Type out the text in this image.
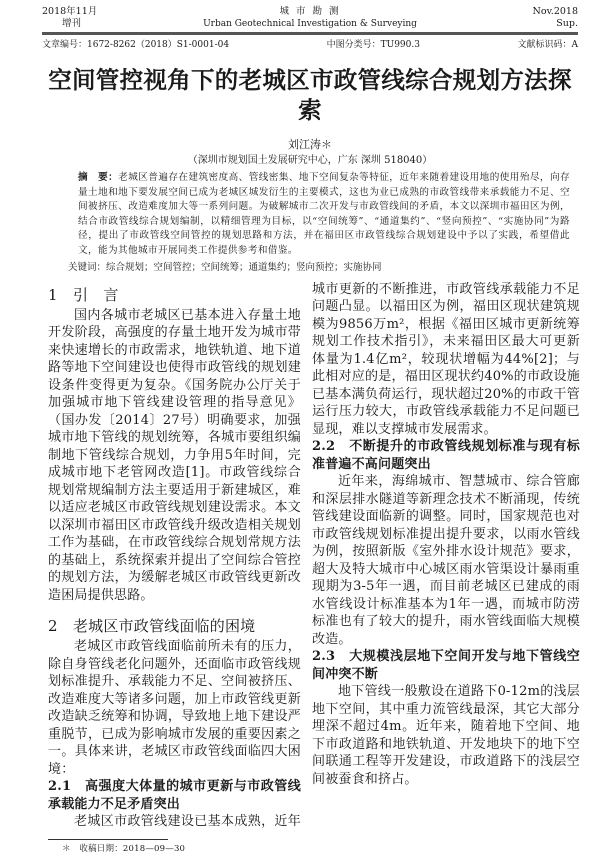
2018年11月
增刊
城 市 勘 测
Urban Geotechnical Investigation & Surveying
Nov.2018
Sup.
文章编号：1672-8262（2018）S1-0001-04	中图分类号：TU990.3	文献标识码：A
空间管控视角下的老城区市政管线综合规划方法探索
刘江涛＊
（深圳市规划国土发展研究中心，广东 深圳 518040）
摘　要：老城区普遍存在建筑密度高、管线密集、地下空间复杂等特征，近年来随着建设用地的使用殆尽，向存量土地和地下要发展空间已成为老城区城发衍生的主要模式，这也为业已成熟的市政管线带来承载能力不足、空间被挤压、改造难度加大等一系列问题。为破解城市二次开发与市政管线间的矛盾，本文以深圳市福田区为例，结合市政管线综合规划编制，以精细管理为目标，以“空间统筹”、“通道集约”、“竖向预控”、“实施协同”为路径，提出了市政管线空间管控的规划思路和方法，并在福田区市政管线综合规划建设中予以了实践，希望借此文，能为其他城市开展同类工作提供参考和借鉴。
关键词：综合规划；空间管控；空间统筹；通道集约；竖向预控；实施协同
1　引　言

国内各城市老城区已基本进入存量土地开发阶段，高强度的存量土地开发为城市带来快速增长的市政需求，地铁轨道、地下道路等地下空间建设也使得市政管线的规划建设条件变得更为复杂。《国务院办公厅关于加强城市地下管线建设管理的指导意见》（国办发〔2014〕27号）明确要求，加强城市地下管线的规划统筹，各城市要组织编制地下管线综合规划，力争用5年时间，完成城市地下老管网改造[1]。市政管线综合规划常规编制方法主要适用于新建城区，难以适应老城区市政管线规划建设需求。本文以深圳市福田区市政管线升级改造相关规划工作为基础，在市政管线综合规划常规方法的基础上，系统探索并提出了空间综合管控的规划方法，为缓解老城区市政管线更新改造困局提供思路。

2　老城区市政管线面临的困境

老城区市政管线面临前所未有的压力，除自身管线老化问题外，还面临市政管线规划标准提升、承载能力不足、空间被挤压、改造难度大等诸多问题，加上市政管线更新改造缺乏统筹和协调，导致地上地下建设严重脱节，已成为影响城市发展的重要因素之一。具体来讲，老城区市政管线面临四大困境：

2.1　高强度大体量的城市更新与市政管线承载能力不足矛盾突出

老城区市政管线建设已基本成熟，近年

＊　收稿日期：2018—09—30

城市更新的不断推进，市政管线承载能力不足问题凸显。以福田区为例，福田区现状建筑规模为9856万m²，根据《福田区城市更新统筹规划工作技术指引》，未来福田区最大可更新体量为1.4亿m²，较现状增幅为44%[2]；与此相对应的是，福田区现状约40%的市政设施已基本满负荷运行，现状超过20%的市政干管运行压力较大，市政管线承载能力不足问题已显现，难以支撑城市发展需求。

2.2　不断提升的市政管线规划标准与现有标准普遍不高问题突出

近年来，海绵城市、智慧城市、综合管廊和深层排水隧道等新理念技术不断涌现，传统管线建设面临新的调整。同时，国家规范也对市政管线规划标准提出提升要求，以雨水管线为例，按照新版《室外排水设计规范》要求，超大及特大城市中心城区雨水管渠设计暴雨重现期为3-5年一遇，而目前老城区已建成的雨水管线设计标准基本为1年一遇，而城市防涝标准也有了较大的提升，雨水管线面临大规模改造。

2.3　大规模浅层地下空间开发与地下管线空间冲突不断

地下管线一般敷设在道路下0-12m的浅层地下空间，其中重力流管线最深，其它大部分埋深不超过4m。近年来，随着地下空间、地下市政道路和地铁轨道、开发地块下的地下空间联通工程等开发建设，市政道路下的浅层空间被蚕食和挤占。
